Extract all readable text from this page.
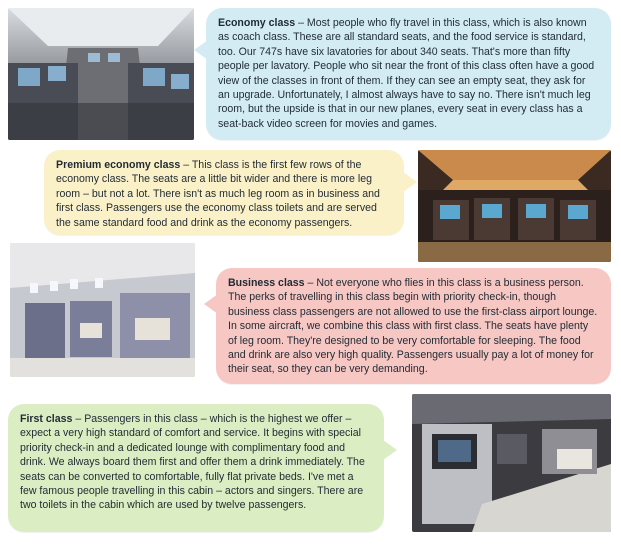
Economy class – Most people who fly travel in this class, which is also known as coach class. These are all standard seats, and the food service is standard, too. Our 747s have six lavatories for about 340 seats. That's more than fifty people per lavatory. People who sit near the front of this class often have a good view of the classes in front of them. If they can see an empty seat, they ask for an upgrade. Unfortunately, I almost always have to say no. There isn't much leg room, but the upside is that in our new planes, every seat in every class has a seat-back video screen for movies and games.
Premium economy class – This class is the first few rows of the economy class. The seats are a little bit wider and there is more leg room – but not a lot. There isn't as much leg room as in business and first class. Passengers use the economy class toilets and are served the same standard food and drink as the economy passengers.
Business class – Not everyone who flies in this class is a business person. The perks of travelling in this class begin with priority check-in, though business class passengers are not allowed to use the first-class airport lounge. In some aircraft, we combine this class with first class. The seats have plenty of leg room. They're designed to be very comfortable for sleeping. The food and drink are also very high quality. Passengers usually pay a lot of money for their seat, so they can be very demanding.
First class – Passengers in this class – which is the highest we offer – expect a very high standard of comfort and service. It begins with special priority check-in and a dedicated lounge with complimentary food and drink. We always board them first and offer them a drink immediately. The seats can be converted to comfortable, fully flat private beds. I've met a few famous people travelling in this cabin – actors and singers. There are two toilets in the cabin which are used by twelve passengers.
